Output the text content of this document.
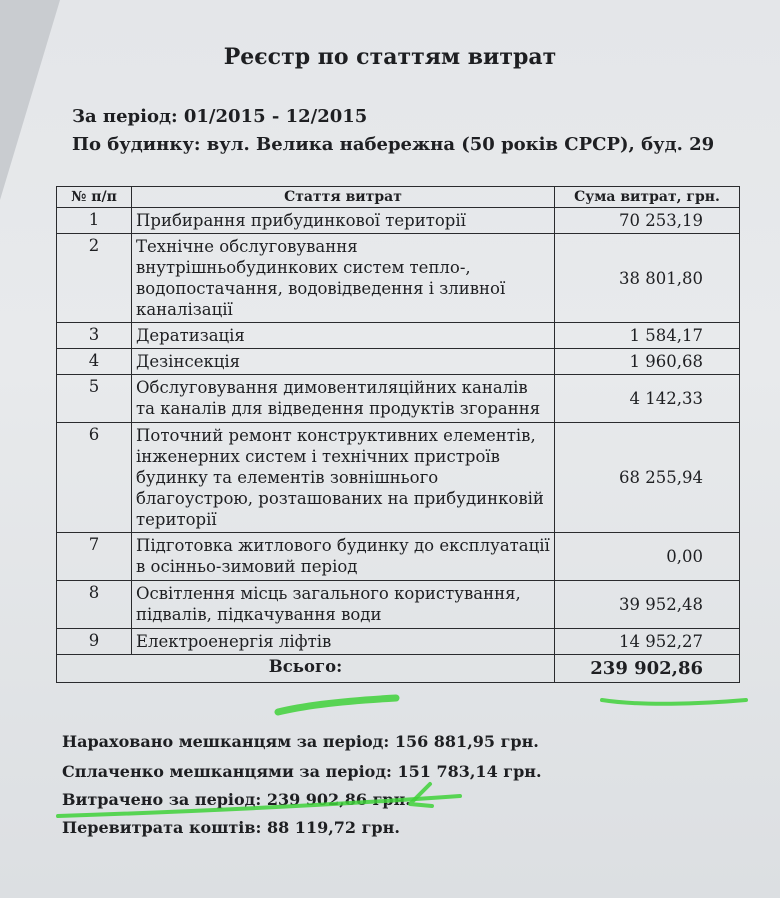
Реєстр по статтям витрат
За період: 01/2015 - 12/2015
По будинку: вул. Велика набережна (50 років СРСР), буд. 29
№ п/п	Стаття витрат	Сума витрат, грн.
1	Прибирання прибудинкової території	70 253,19
2	Технічне обслуговування внутрішньобудинкових систем тепло-, водопостачання, водовідведення і зливної каналізації	38 801,80
3	Дератизація	1 584,17
4	Дезінсекція	1 960,68
5	Обслуговування димовентиляційних каналів та каналів для відведення продуктів згорання	4 142,33
6	Поточний ремонт конструктивних елементів, інженерних систем і технічних пристроїв будинку та елементів зовнішнього благоустрою, розташованих на прибудинковій території	68 255,94
7	Підготовка житлового будинку до експлуатації в осінньо-зимовий період	0,00
8	Освітлення місць загального користування, підвалів, підкачування води	39 952,48
9	Електроенергія ліфтів	14 952,27
Всього:		239 902,86
Нараховано мешканцям за період: 156 881,95 грн.
Сплаченко мешканцями за період: 151 783,14 грн.
Витрачено за період: 239 902,86 грн.
Перевитрата коштів: 88 119,72 грн.
